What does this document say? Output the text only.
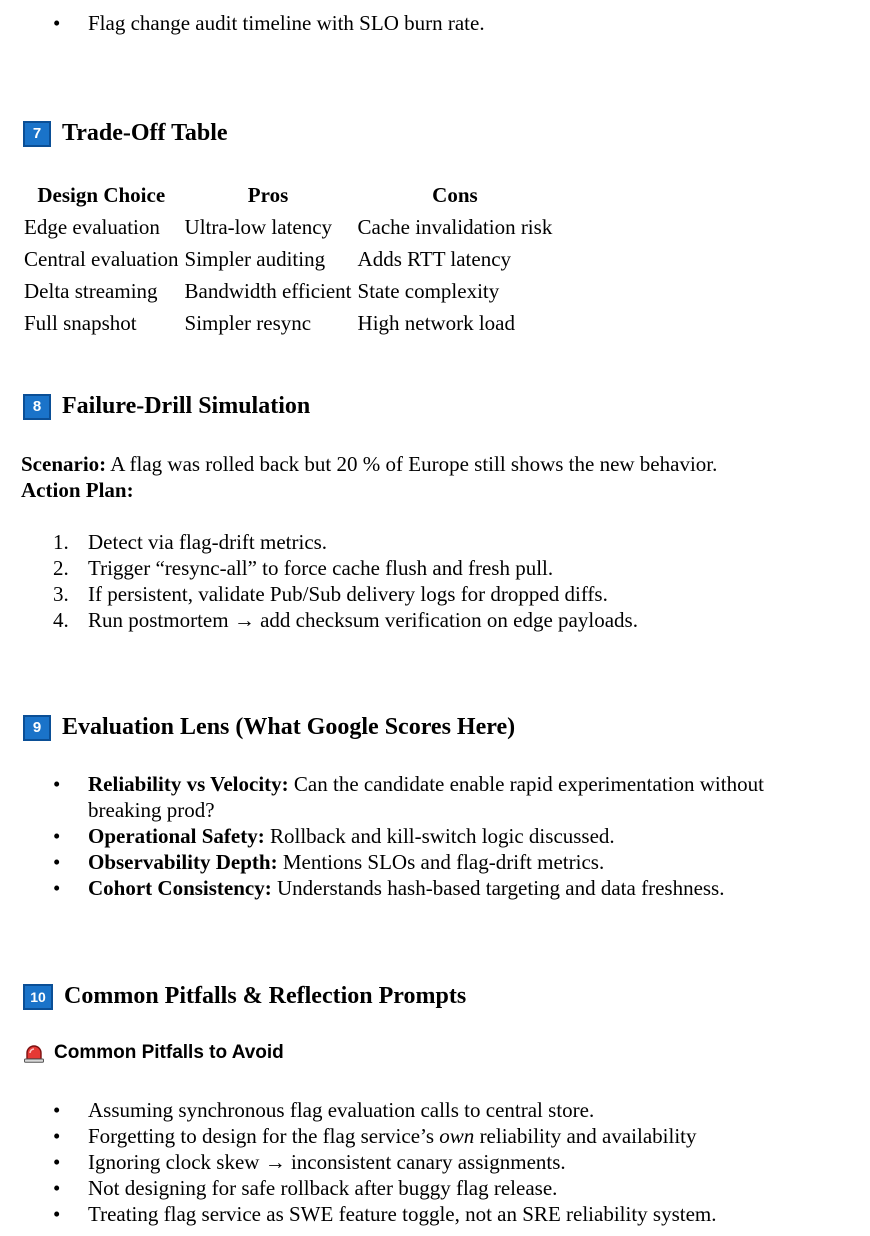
• Flag change audit timeline with SLO burn rate.
7 Trade-Off Table
Design Choice	Pros	Cons
Edge evaluation	Ultra-low latency	Cache invalidation risk
Central evaluation	Simpler auditing	Adds RTT latency
Delta streaming	Bandwidth efficient	State complexity
Full snapshot	Simpler resync	High network load
8 Failure-Drill Simulation
Scenario: A flag was rolled back but 20 % of Europe still shows the new behavior.
Action Plan:
1. Detect via flag-drift metrics.
2. Trigger “resync-all” to force cache flush and fresh pull.
3. If persistent, validate Pub/Sub delivery logs for dropped diffs.
4. Run postmortem → add checksum verification on edge payloads.
9 Evaluation Lens (What Google Scores Here)
• Reliability vs Velocity: Can the candidate enable rapid experimentation without breaking prod?
• Operational Safety: Rollback and kill-switch logic discussed.
• Observability Depth: Mentions SLOs and flag-drift metrics.
• Cohort Consistency: Understands hash-based targeting and data freshness.
10 Common Pitfalls & Reflection Prompts
Common Pitfalls to Avoid
• Assuming synchronous flag evaluation calls to central store.
• Forgetting to design for the flag service’s own reliability and availability
• Ignoring clock skew → inconsistent canary assignments.
• Not designing for safe rollback after buggy flag release.
• Treating flag service as SWE feature toggle, not an SRE reliability system.
